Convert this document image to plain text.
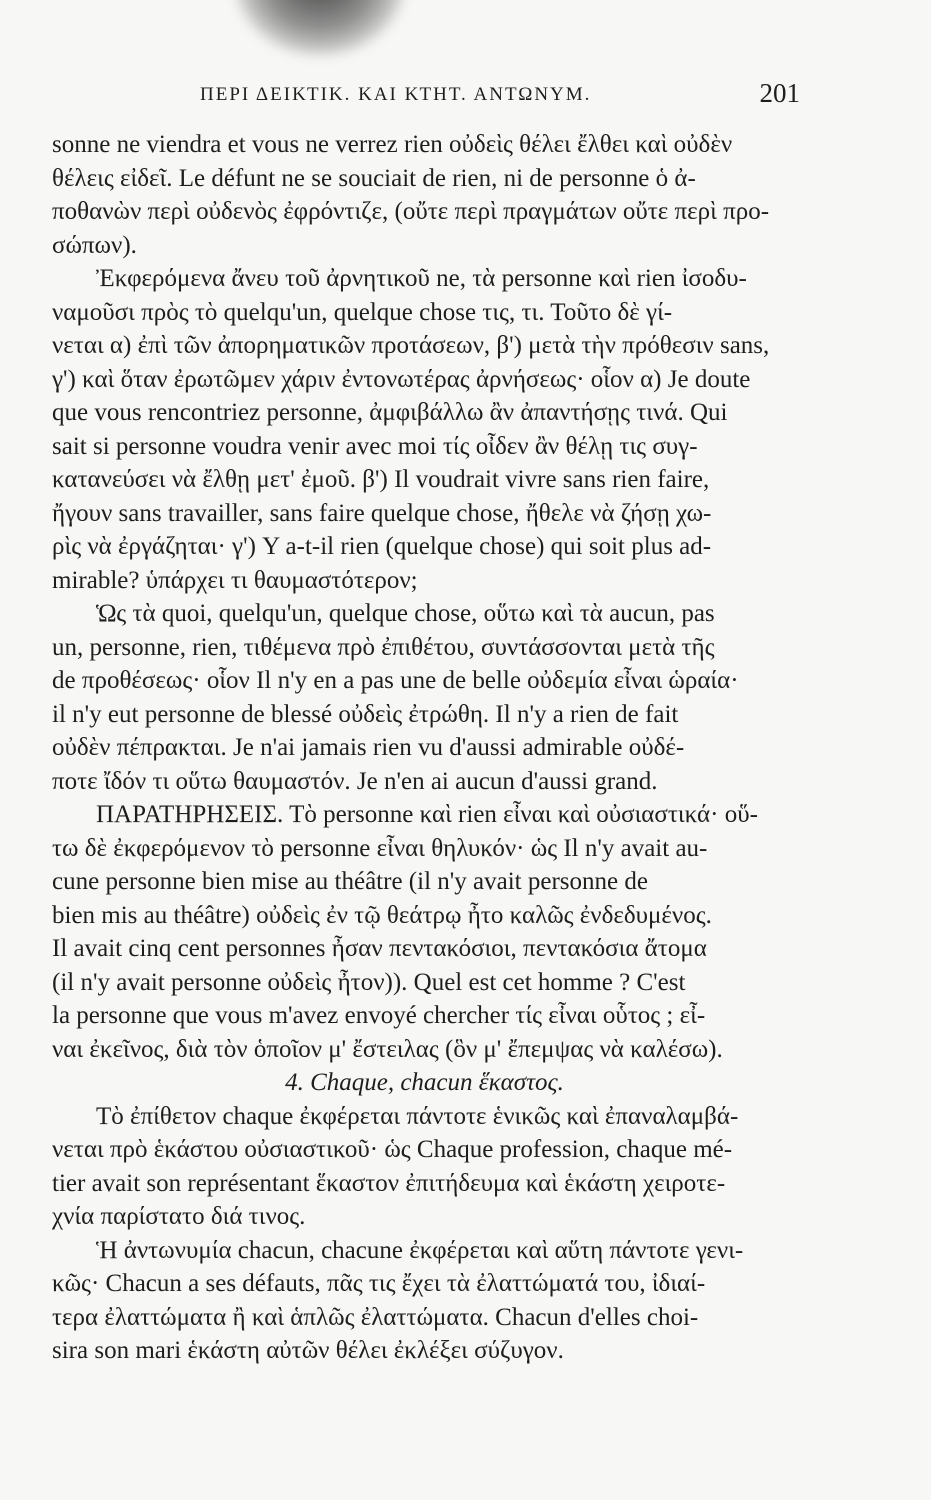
ΠΕΡΙ ΔΕΙΚΤΙΚ. ΚΑΙ ΚΤΗΤ. ΑΝΤΩΝΥΜ.	201
sonne ne viendra et vous ne verrez rien οὐδεὶς θέλει ἔλθει καὶ οὐδὲν
θέλεις εἰδεῖ. Le défunt ne se souciait de rien, ni de personne ὁ ἀ-
ποθανὼν περὶ οὐδενὸς ἐφρόντιζε, (οὔτε περὶ πραγμάτων οὔτε περὶ προ-
σώπων).
Ἐκφερόμενα ἄνευ τοῦ ἀρνητικοῦ ne, τὰ personne καὶ rien ἰσοδυ-
ναμοῦσι πρὸς τὸ quelqu'un, quelque chose τις, τι. Τοῦτο δὲ γί-
νεται α) ἐπὶ τῶν ἀπορηματικῶν προτάσεων, β') μετὰ τὴν πρόθεσιν sans,
γ') καὶ ὅταν ἐρωτῶμεν χάριν ἐντονωτέρας ἀρνήσεως· οἷον α) Je doute
que vous rencontriez personne, ἀμφιβάλλω ἂν ἀπαντήσῃς τινά. Qui
sait si personne voudra venir avec moi τίς οἶδεν ἂν θέλῃ τις συγ-
κατανεύσει νὰ ἔλθῃ μετ' ἐμοῦ. β') Il voudrait vivre sans rien faire,
ἤγουν sans travailler, sans faire quelque chose, ἤθελε νὰ ζήσῃ χω-
ρὶς νὰ ἐργάζηται· γ') Y a-t-il rien (quelque chose) qui soit plus ad-
mirable? ὑπάρχει τι θαυμαστότερον;
Ὡς τὰ quoi, quelqu'un, quelque chose, οὕτω καὶ τὰ aucun, pas
un, personne, rien, τιθέμενα πρὸ ἐπιθέτου, συντάσσονται μετὰ τῆς
de προθέσεως· οἷον Il n'y en a pas une de belle οὐδεμία εἶναι ὡραία·
il n'y eut personne de blessé οὐδεὶς ἐτρώθη. Il n'y a rien de fait
οὐδὲν πέπρακται. Je n'ai jamais rien vu d'aussi admirable οὐδέ-
ποτε ἴδόν τι οὕτω θαυμαστόν. Je n'en ai aucun d'aussi grand.
ΠΑΡΑΤΗΡΗΣΕΙΣ. Τὸ personne καὶ rien εἶναι καὶ οὐσιαστικά· οὕ-
τω δὲ ἐκφερόμενον τὸ personne εἶναι θηλυκόν· ὡς Il n'y avait au-
cune personne bien mise au théâtre (il n'y avait personne de
bien mis au théâtre) οὐδεὶς ἐν τῷ θεάτρῳ ἦτο καλῶς ἐνδεδυμένος.
Il avait cinq cent personnes ἦσαν πεντακόσιοι, πεντακόσια ἄτομα
(il n'y avait personne οὐδεὶς ἦτον)). Quel est cet homme ? C'est
la personne que vous m'avez envoyé chercher τίς εἶναι οὗτος ; εἶ-
ναι ἐκεῖνος, διὰ τὸν ὁποῖον μ' ἔστειλας (ὃν μ' ἔπεμψας νὰ καλέσω).
4. Chaque, chacun ἕκαστος.
Τὸ ἐπίθετον chaque ἐκφέρεται πάντοτε ἑνικῶς καὶ ἐπαναλαμβά-
νεται πρὸ ἑκάστου οὐσιαστικοῦ· ὡς Chaque profession, chaque mé-
tier avait son représentant ἕκαστον ἐπιτήδευμα καὶ ἑκάστη χειροτε-
χνία παρίστατο διά τινος.
Ἡ ἀντωνυμία chacun, chacune ἐκφέρεται καὶ αὕτη πάντοτε γενι-
κῶς· Chacun a ses défauts, πᾶς τις ἔχει τὰ ἐλαττώματά του, ἰδιαί-
τερα ἐλαττώματα ἢ καὶ ἁπλῶς ἐλαττώματα. Chacun d'elles choi-
sira son mari ἑκάστη αὐτῶν θέλει ἐκλέξει σύζυγον.
